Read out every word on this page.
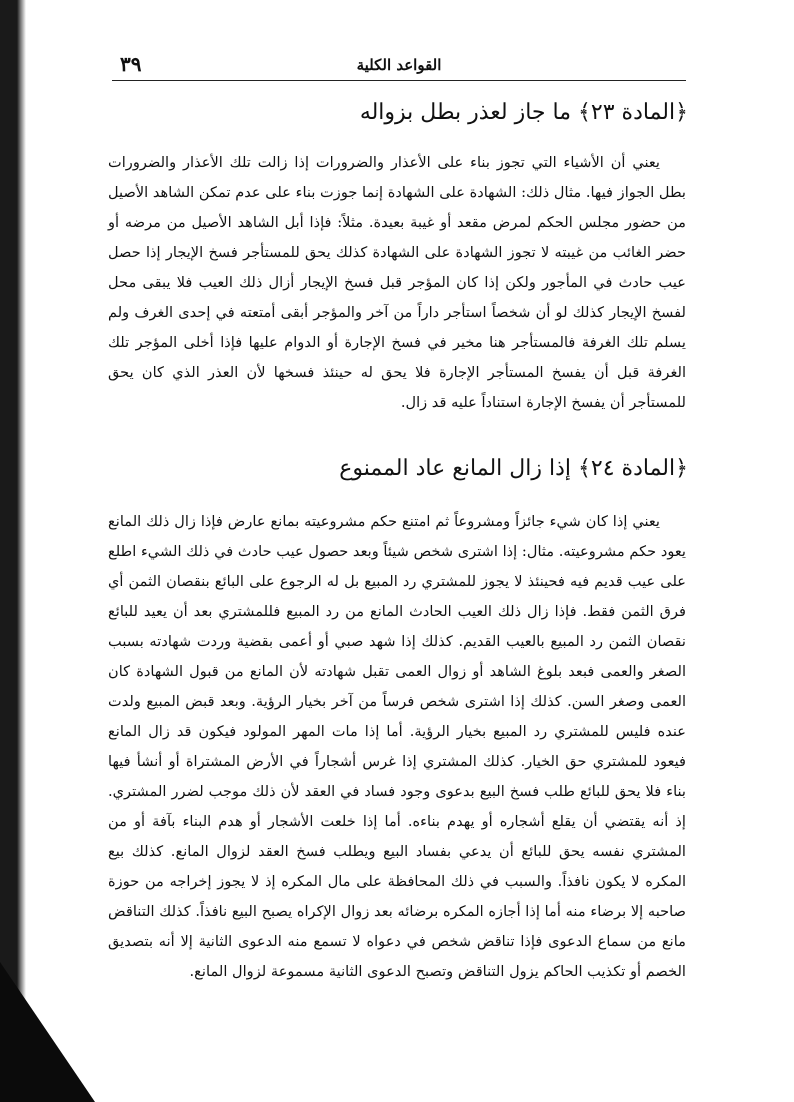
٣٩	القواعد الكلية
﴿المادة ٢٣﴾ ما جاز لعذر بطل بزواله

يعني أن الأشياء التي تجوز بناء على الأعذار والضرورات إذا زالت تلك الأعذار والضرورات بطل الجواز فيها. مثال ذلك: الشهادة على الشهادة إنما جوزت بناء على عدم تمكن الشاهد الأصيل من حضور مجلس الحكم لمرض مقعد أو غيبة بعيدة. مثلاً: فإذا أبل الشاهد الأصيل من مرضه أو حضر الغائب من غيبته لا تجوز الشهادة على الشهادة كذلك يحق للمستأجر فسخ الإيجار إذا حصل عيب حادث في المأجور ولكن إذا كان المؤجر قبل فسخ الإيجار أزال ذلك العيب فلا يبقى محل لفسخ الإيجار كذلك لو أن شخصاً استأجر داراً من آخر والمؤجر أبقى أمتعته في إحدى الغرف ولم يسلم تلك الغرفة فالمستأجر هنا مخير في فسخ الإجارة أو الدوام عليها فإذا أخلى المؤجر تلك الغرفة قبل أن يفسخ المستأجر الإجارة فلا يحق له حينئذ فسخها لأن العذر الذي كان يحق للمستأجر أن يفسخ الإجارة استناداً عليه قد زال.

﴿المادة ٢٤﴾ إذا زال المانع عاد الممنوع

يعني إذا كان شيء جائزاً ومشروعاً ثم امتنع حكم مشروعيته بمانع عارض فإذا زال ذلك المانع يعود حكم مشروعيته. مثال: إذا اشترى شخص شيئاً وبعد حصول عيب حادث في ذلك الشيء اطلع على عيب قديم فيه فحينئذ لا يجوز للمشتري رد المبيع بل له الرجوع على البائع بنقصان الثمن أي فرق الثمن فقط. فإذا زال ذلك العيب الحادث المانع من رد المبيع فللمشتري بعد أن يعيد للبائع نقصان الثمن رد المبيع بالعيب القديم. كذلك إذا شهد صبي أو أعمى بقضية وردت شهادته بسبب الصغر والعمى فبعد بلوغ الشاهد أو زوال العمى تقبل شهادته لأن المانع من قبول الشهادة كان العمى وصغر السن. كذلك إذا اشترى شخص فرساً من آخر بخيار الرؤية. وبعد قبض المبيع ولدت عنده فليس للمشتري رد المبيع بخيار الرؤية. أما إذا مات المهر المولود فيكون قد زال المانع فيعود للمشتري حق الخيار. كذلك المشتري إذا غرس أشجاراً في الأرض المشتراة أو أنشأ فيها بناء فلا يحق للبائع طلب فسخ البيع بدعوى وجود فساد في العقد لأن ذلك موجب لضرر المشتري. إذ أنه يقتضي أن يقلع أشجاره أو يهدم بناءه. أما إذا خلعت الأشجار أو هدم البناء بآفة أو من المشتري نفسه يحق للبائع أن يدعي بفساد البيع ويطلب فسخ العقد لزوال المانع. كذلك بيع المكره لا يكون نافذاً. والسبب في ذلك المحافظة على مال المكره إذ لا يجوز إخراجه من حوزة صاحبه إلا برضاء منه أما إذا أجازه المكره برضائه بعد زوال الإكراه يصبح البيع نافذاً. كذلك التناقض مانع من سماع الدعوى فإذا تناقض شخص في دعواه لا تسمع منه الدعوى الثانية إلا أنه بتصديق الخصم أو تكذيب الحاكم يزول التناقض وتصبح الدعوى الثانية مسموعة لزوال المانع.
